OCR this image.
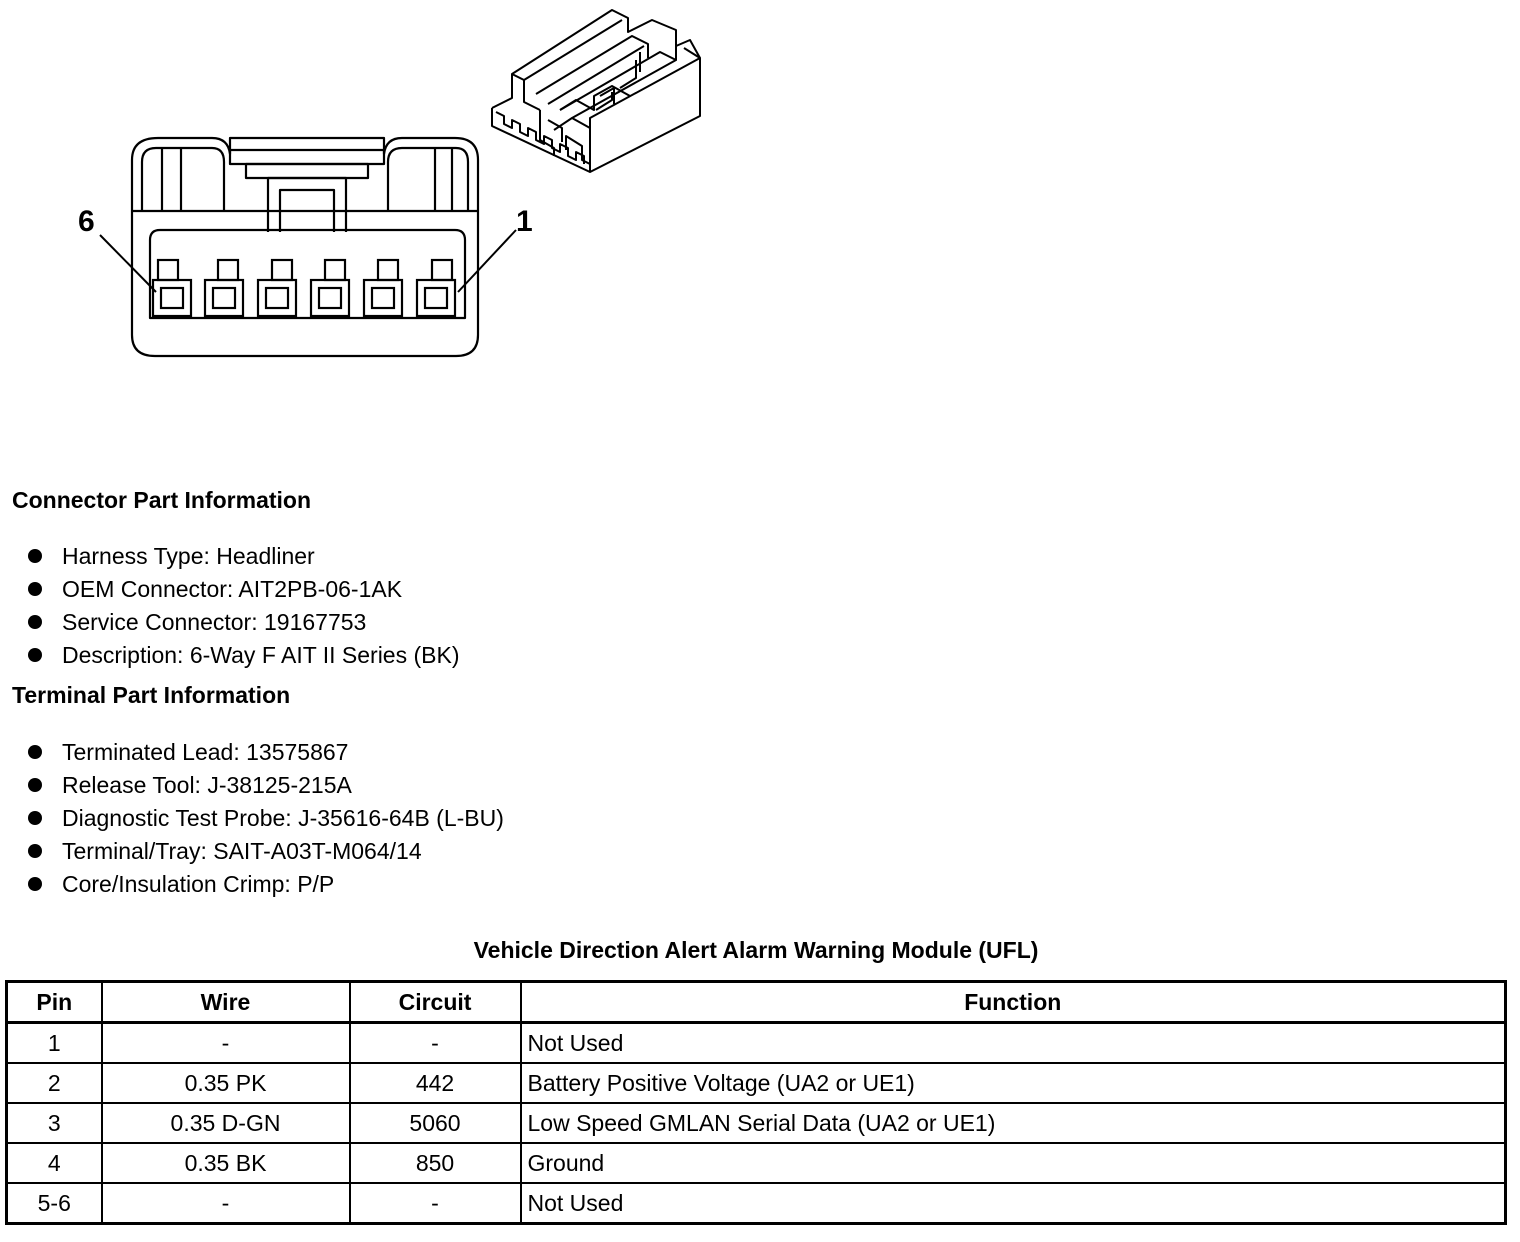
6	1
Connector Part Information
Harness Type: Headliner
OEM Connector: AIT2PB-06-1AK
Service Connector: 19167753
Description: 6-Way F AIT II Series (BK)
Terminal Part Information
Terminated Lead: 13575867
Release Tool: J-38125-215A
Diagnostic Test Probe: J-35616-64B (L-BU)
Terminal/Tray: SAIT-A03T-M064/14
Core/Insulation Crimp: P/P
Vehicle Direction Alert Alarm Warning Module (UFL)
Pin	Wire	Circuit	Function
1	-	-	Not Used
2	0.35 PK	442	Battery Positive Voltage (UA2 or UE1)
3	0.35 D-GN	5060	Low Speed GMLAN Serial Data (UA2 or UE1)
4	0.35 BK	850	Ground
5-6	-	-	Not Used
